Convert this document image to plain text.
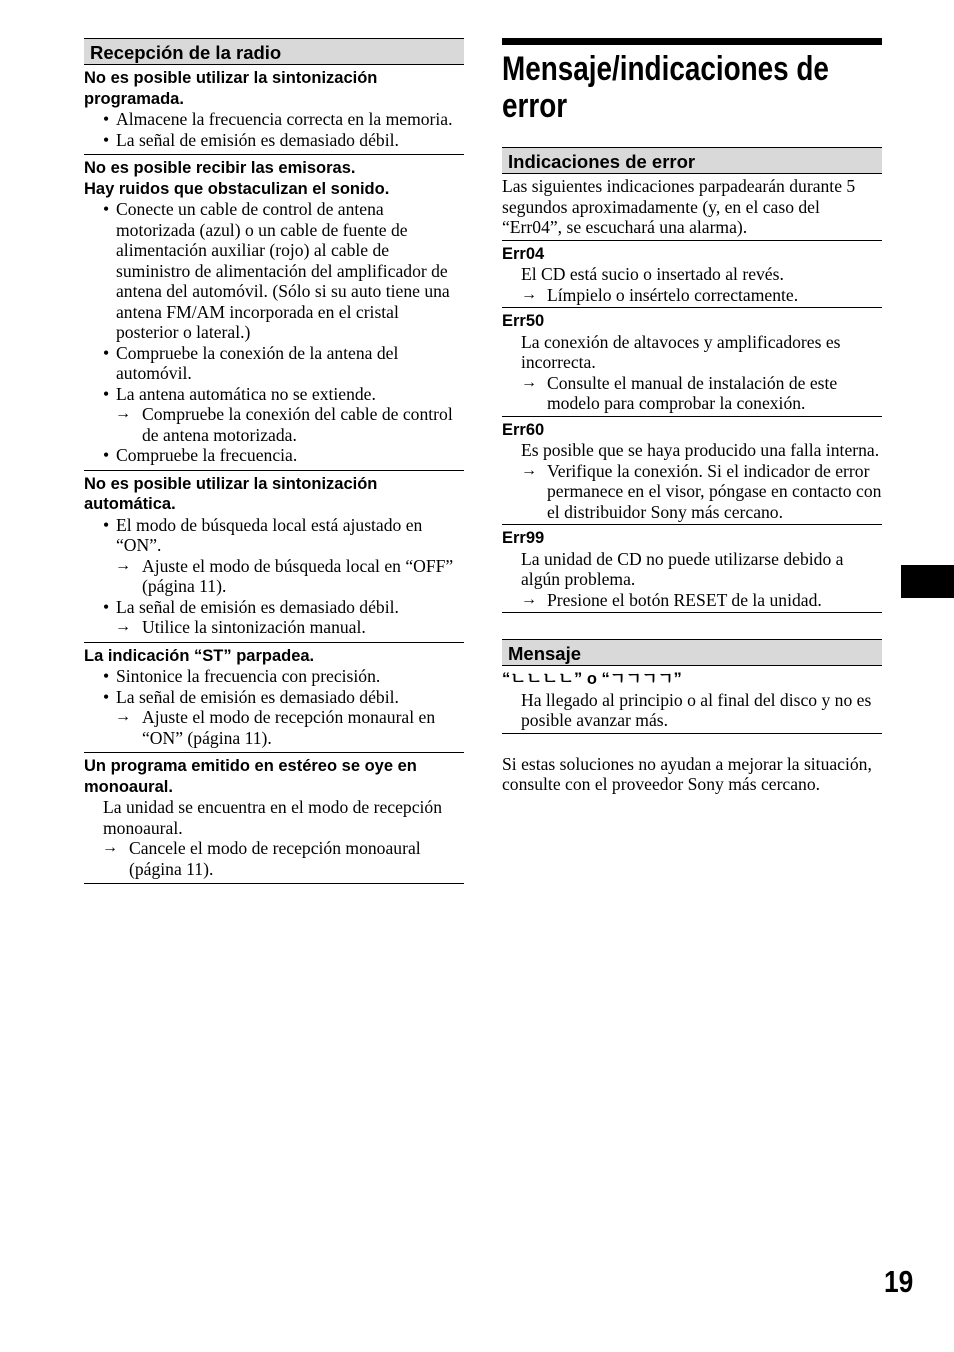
Recepción de la radio
No es posible utilizar la sintonización programada.
• Almacene la frecuencia correcta en la memoria.
• La señal de emisión es demasiado débil.
No es posible recibir las emisoras.
Hay ruidos que obstaculizan el sonido.
• Conecte un cable de control de antena motorizada (azul) o un cable de fuente de alimentación auxiliar (rojo) al cable de suministro de alimentación del amplificador de antena del automóvil. (Sólo si su auto tiene una antena FM/AM incorporada en el cristal posterior o lateral.)
• Compruebe la conexión de la antena del automóvil.
• La antena automática no se extiende.
→ Compruebe la conexión del cable de control de antena motorizada.
• Compruebe la frecuencia.
No es posible utilizar la sintonización automática.
• El modo de búsqueda local está ajustado en “ON”.
→ Ajuste el modo de búsqueda local en “OFF” (página 11).
• La señal de emisión es demasiado débil.
→ Utilice la sintonización manual.
La indicación “ST” parpadea.
• Sintonice la frecuencia con precisión.
• La señal de emisión es demasiado débil.
→ Ajuste el modo de recepción monaural en “ON” (página 11).
Un programa emitido en estéreo se oye en monoaural.
La unidad se encuentra en el modo de recepción monoaural.
→ Cancele el modo de recepción monoaural (página 11).
Mensaje/indicaciones de error
Indicaciones de error
Las siguientes indicaciones parpadearán durante 5 segundos aproximadamente (y, en el caso del “Err04”, se escuchará una alarma).
Err04
El CD está sucio o insertado al revés.
→ Límpielo o insértelo correctamente.
Err50
La conexión de altavoces y amplificadores es incorrecta.
→ Consulte el manual de instalación de este modelo para comprobar la conexión.
Err60
Es posible que se haya producido una falla interna.
→ Verifique la conexión. Si el indicador de error permanece en el visor, póngase en contacto con el distribuidor Sony más cercano.
Err99
La unidad de CD no puede utilizarse debido a algún problema.
→ Presione el botón RESET de la unidad.
Mensaje
“ㄴㄴㄴㄴ” o “ㄱㄱㄱㄱ”
Ha llegado al principio o al final del disco y no es posible avanzar más.
Si estas soluciones no ayudan a mejorar la situación, consulte con el proveedor Sony más cercano.
19
